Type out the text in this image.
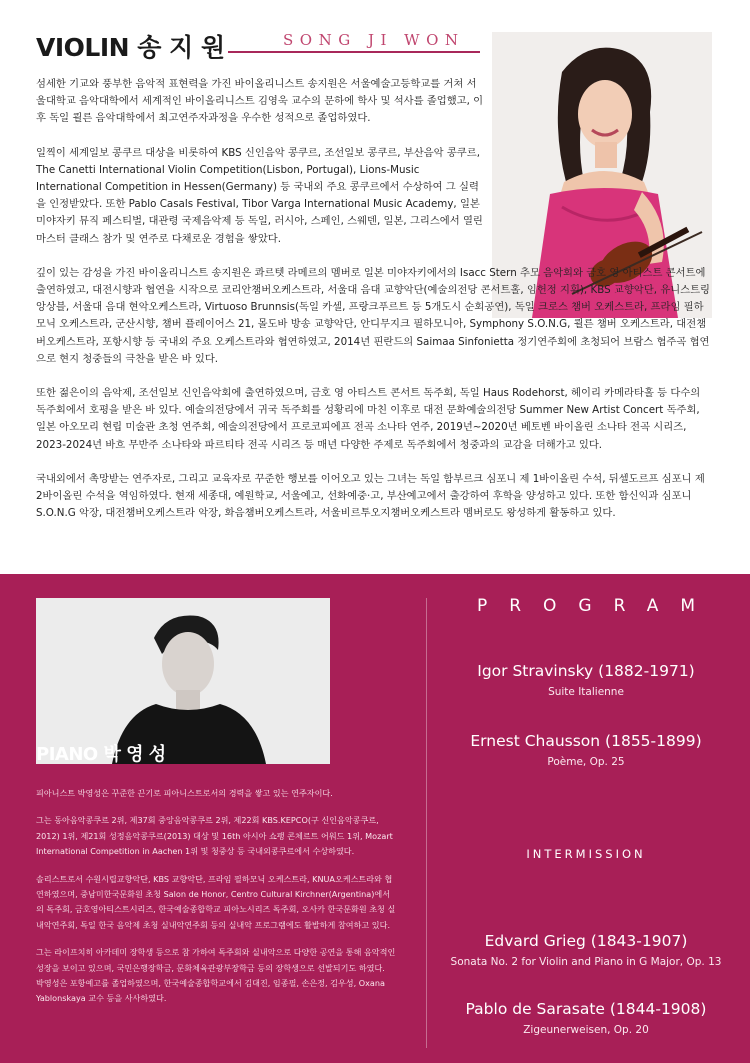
VIOLIN 송 지 원	SONG JI WON

섬세한 기교와 풍부한 음악적 표현력을 가진 바이올리니스트 송지원은 서울예술고등학교를 거쳐 서울대학교 음악대학에서 세계적인 바이올리니스트 김영욱 교수의 문하에 학사 및 석사를 졸업했고, 이후 독일 쾰른 음악대학에서 최고연주자과정을 우수한 성적으로 졸업하였다.

일찍이 세계일보 콩쿠르 대상을 비롯하여 KBS 신인음악 콩쿠르, 조선일보 콩쿠르, 부산음악 콩쿠르, The Canetti International Violin Competition(Lisbon, Portugal), Lions-Music International Competition in Hessen(Germany) 등 국내외 주요 콩쿠르에서 수상하여 그 실력을 인정받았다. 또한 Pablo Casals Festival, Tibor Varga International Music Academy, 일본 미야자키 뮤직 페스티벌, 대관령 국제음악제 등 독일, 러시아, 스페인, 스웨덴, 일본, 그리스에서 열린 마스터 클래스 참가 및 연주로 다채로운 경험을 쌓았다.

깊이 있는 감성을 가진 바이올리니스트 송지원은 콰르텟 라메르의 멤버로 일본 미야자키에서의 Isacc Stern 추모 음악회와 금호 영 아티스트 콘서트에 출연하였고, 대전시향과 협연을 시작으로 코리안챔버오케스트라, 서울대 음대 교향악단(예술의전당 콘서트홀, 임헌정 지휘), KBS 교향악단, 유니스트링 앙상블, 서울대 음대 현악오케스트라, Virtuoso Brunnsis(독일 카셀, 프랑크푸르트 등 5개도시 순회공연), 독일 크로스 챔버 오케스트라, 프라임 필하모닉 오케스트라, 군산시향, 챔버 플레이어스 21, 몰도바 방송 교향악단, 안디무지크 필하모니아, Symphony S.O.N.G, 쾰른 챔버 오케스트라, 대전챔버오케스트라, 포항시향 등 국내외 주요 오케스트라와 협연하였고, 2014년 핀란드의 Saimaa Sinfonietta 정기연주회에 초청되어 브람스 협주곡 협연으로 현지 청중들의 극찬을 받은 바 있다.

또한 젊은이의 음악제, 조선일보 신인음악회에 출연하였으며, 금호 영 아티스트 콘서트 독주회, 독일 Haus Rodehorst, 헤이리 카메라타홀 등 다수의 독주회에서 호평을 받은 바 있다. 예술의전당에서 귀국 독주회를 성황리에 마친 이후로 대전 문화예술의전당 Summer New Artist Concert 독주회, 일본 아오모리 현립 미술관 초청 연주회, 예술의전당에서 프로코피에프 전곡 소나타 연주, 2019년~2020년 베토벤 바이올린 소나타 전곡 시리즈, 2023-2024년 바흐 무반주 소나타와 파르티타 전곡 시리즈 등 매년 다양한 주제로 독주회에서 청중과의 교감을 더해가고 있다.

국내외에서 촉망받는 연주자로, 그리고 교육자로 꾸준한 행보를 이어오고 있는 그녀는 독일 함부르크 심포니 제 1바이올린 수석, 뒤셀도르프 심포니 제 2바이올린 수석을 역임하였다. 현재 세종대, 예원학교, 서울예고, 선화예중·고, 부산예고에서 출강하여 후학을 양성하고 있다. 또한 함신익과 심포니 S.O.N.G 악장, 대전챔버오케스트라 악장, 화음챔버오케스트라, 서울비르투오지챔버오케스트라 멤버로도 왕성하게 활동하고 있다.

PIANO 박 영 성

피아니스트 박영성은 꾸준한 끈기로 피아니스트로서의 경력을 쌓고 있는 연주자이다.

그는 동아음악콩쿠르 2위, 제37회 중앙음악콩쿠르 2위, 제22회 KBS.KEPCO(구 신인음악콩쿠르, 2012) 1위, 제21회 성정음악콩쿠르(2013) 대상 및 16th 아시아 쇼팽 콘체르트 어워드 1위, Mozart International Competition in Aachen 1위 및 청중상 등 국내외콩쿠르에서 수상하였다.

솔리스트로서 수원시립교향악단, KBS 교향악단, 프라임 필하모닉 오케스트라, KNUA오케스트라와 협연하였으며, 중남미한국문화원 초청 Salon de Honor, Centro Cultural Kirchner(Argentina)에서의 독주회, 금호영아티스트시리즈, 한국예술종합학교 피아노시리즈 독주회, 오사카 한국문화원 초청 실내악연주회, 독일 한국 음악제 초청 실내악연주회 등의 실내악 프로그램에도 활발하게 참여하고 있다.

그는 라이프치히 아카데미 장학생 등으로 참 가하여 독주회와 실내악으로 다양한 공연을 통해 음악적인성장을 보이고 있으며, 국민은행장학금, 문화체육관광부장학금 등의 장학생으로 선발되기도 하였다.

박영성은 포항예고를 졸업하였으며, 한국예술종합학교에서 김대진, 임종필, 손은정, 김우성, Oxana Yablonskaya 교수 등을 사사하였다.

PROGRAM
Igor Stravinsky (1882-1971)
Suite Italienne
Ernest Chausson (1855-1899)
Poème, Op. 25
INTERMISSION
Edvard Grieg (1843-1907)
Sonata No. 2 for Violin and Piano in G Major, Op. 13
Pablo de Sarasate (1844-1908)
Zigeunerweisen, Op. 20
